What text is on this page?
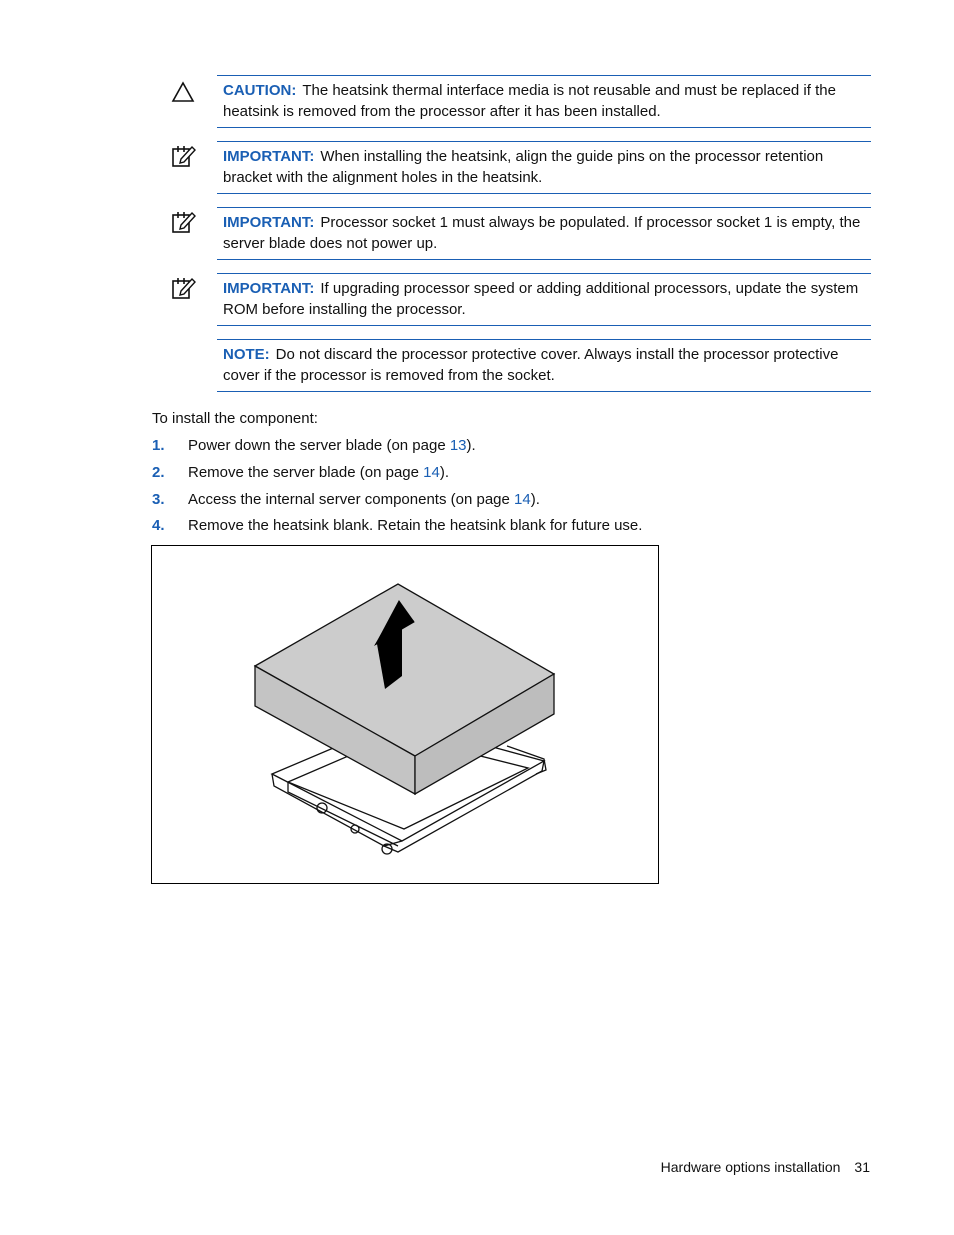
CAUTION: The heatsink thermal interface media is not reusable and must be replaced if the heatsink is removed from the processor after it has been installed.
IMPORTANT: When installing the heatsink, align the guide pins on the processor retention bracket with the alignment holes in the heatsink.
IMPORTANT: Processor socket 1 must always be populated. If processor socket 1 is empty, the server blade does not power up.
IMPORTANT: If upgrading processor speed or adding additional processors, update the system ROM before installing the processor.
NOTE: Do not discard the processor protective cover. Always install the processor protective cover if the processor is removed from the socket.
To install the component:
1. Power down the server blade (on page 13).
2. Remove the server blade (on page 14).
3. Access the internal server components (on page 14).
4. Remove the heatsink blank. Retain the heatsink blank for future use.
Hardware options installation 31
